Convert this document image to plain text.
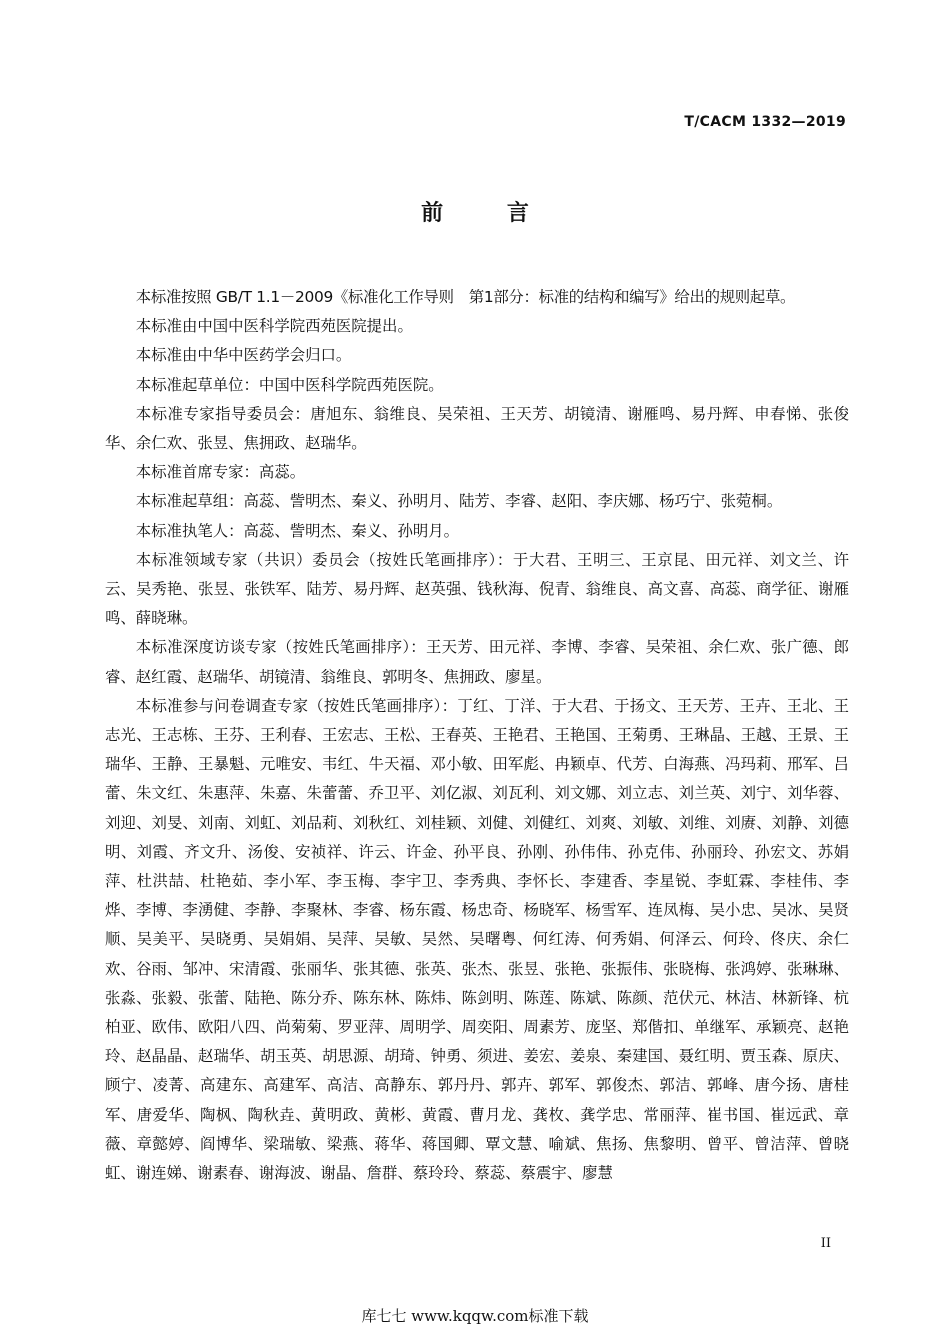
T/CACM 1332—2019
前 言

本标准按照 GB/T 1.1－2009《标准化工作导则　第1部分：标准的结构和编写》给出的规则起草。

本标准由中国中医科学院西苑医院提出。

本标准由中华中医药学会归口。

本标准起草单位：中国中医科学院西苑医院。

本标准专家指导委员会：唐旭东、翁维良、吴荣祖、王天芳、胡镜清、谢雁鸣、易丹辉、申春悌、张俊华、余仁欢、张昱、焦拥政、赵瑞华。

本标准首席专家：高蕊。

本标准起草组：高蕊、訾明杰、秦义、孙明月、陆芳、李睿、赵阳、李庆娜、杨巧宁、张菀桐。

本标准执笔人：高蕊、訾明杰、秦义、孙明月。

本标准领域专家（共识）委员会（按姓氏笔画排序）：于大君、王明三、王京昆、田元祥、刘文兰、许云、吴秀艳、张昱、张铁军、陆芳、易丹辉、赵英强、钱秋海、倪青、翁维良、高文喜、高蕊、商学征、谢雁鸣、薛晓琳。

本标准深度访谈专家（按姓氏笔画排序）：王天芳、田元祥、李博、李睿、吴荣祖、余仁欢、张广德、郎睿、赵红霞、赵瑞华、胡镜清、翁维良、郭明冬、焦拥政、廖星。

本标准参与问卷调查专家（按姓氏笔画排序）：丁红、丁洋、于大君、于扬文、王天芳、王卉、王北、王志光、王志栋、王芬、王利春、王宏志、王松、王春英、王艳君、王艳国、王菊勇、王琳晶、王越、王景、王瑞华、王静、王暴魁、元唯安、韦红、牛天福、邓小敏、田军彪、冉颖卓、代芳、白海燕、冯玛莉、邢军、吕蕾、朱文红、朱惠萍、朱嘉、朱蕾蕾、乔卫平、刘亿淑、刘瓦利、刘文娜、刘立志、刘兰英、刘宁、刘华蓉、刘迎、刘旻、刘南、刘虹、刘品莉、刘秋红、刘桂颖、刘健、刘健红、刘爽、刘敏、刘维、刘赓、刘静、刘德明、刘霞、齐文升、汤俊、安祯祥、许云、许金、孙平良、孙刚、孙伟伟、孙克伟、孙丽玲、孙宏文、苏娟萍、杜洪喆、杜艳茹、李小军、李玉梅、李宇卫、李秀典、李怀长、李建香、李星锐、李虹霖、李桂伟、李烨、李博、李湧健、李静、李聚林、李睿、杨东霞、杨忠奇、杨晓军、杨雪军、连凤梅、吴小忠、吴冰、吴贤顺、吴美平、吴晓勇、吴娟娟、吴萍、吴敏、吴然、吴曙粤、何红涛、何秀娟、何泽云、何玲、佟庆、余仁欢、谷雨、邹冲、宋清霞、张丽华、张其德、张英、张杰、张昱、张艳、张振伟、张晓梅、张鸿婷、张琳琳、张淼、张毅、张蕾、陆艳、陈分乔、陈东林、陈炜、陈剑明、陈莲、陈斌、陈颜、范伏元、林洁、林新锋、杭柏亚、欧伟、欧阳八四、尚菊菊、罗亚萍、周明学、周奕阳、周素芳、庞坚、郑偕扣、单继军、承颖亮、赵艳玲、赵晶晶、赵瑞华、胡玉英、胡思源、胡琦、钟勇、须进、姜宏、姜泉、秦建国、聂红明、贾玉森、原庆、顾宁、凌菁、高建东、高建军、高洁、高静东、郭丹丹、郭卉、郭军、郭俊杰、郭洁、郭峰、唐今扬、唐桂军、唐爱华、陶枫、陶秋垚、黄明政、黄彬、黄霞、曹月龙、龚枚、龚学忠、常丽萍、崔书国、崔远武、章薇、章懿婷、阎博华、梁瑞敏、梁燕、蒋华、蒋国卿、覃文慧、喻斌、焦扬、焦黎明、曾平、曾洁萍、曾晓虹、谢连娣、谢素春、谢海波、谢晶、詹群、蔡玲玲、蔡蕊、蔡震宇、廖慧

II
库七七 www.kqqw.com标准下载
